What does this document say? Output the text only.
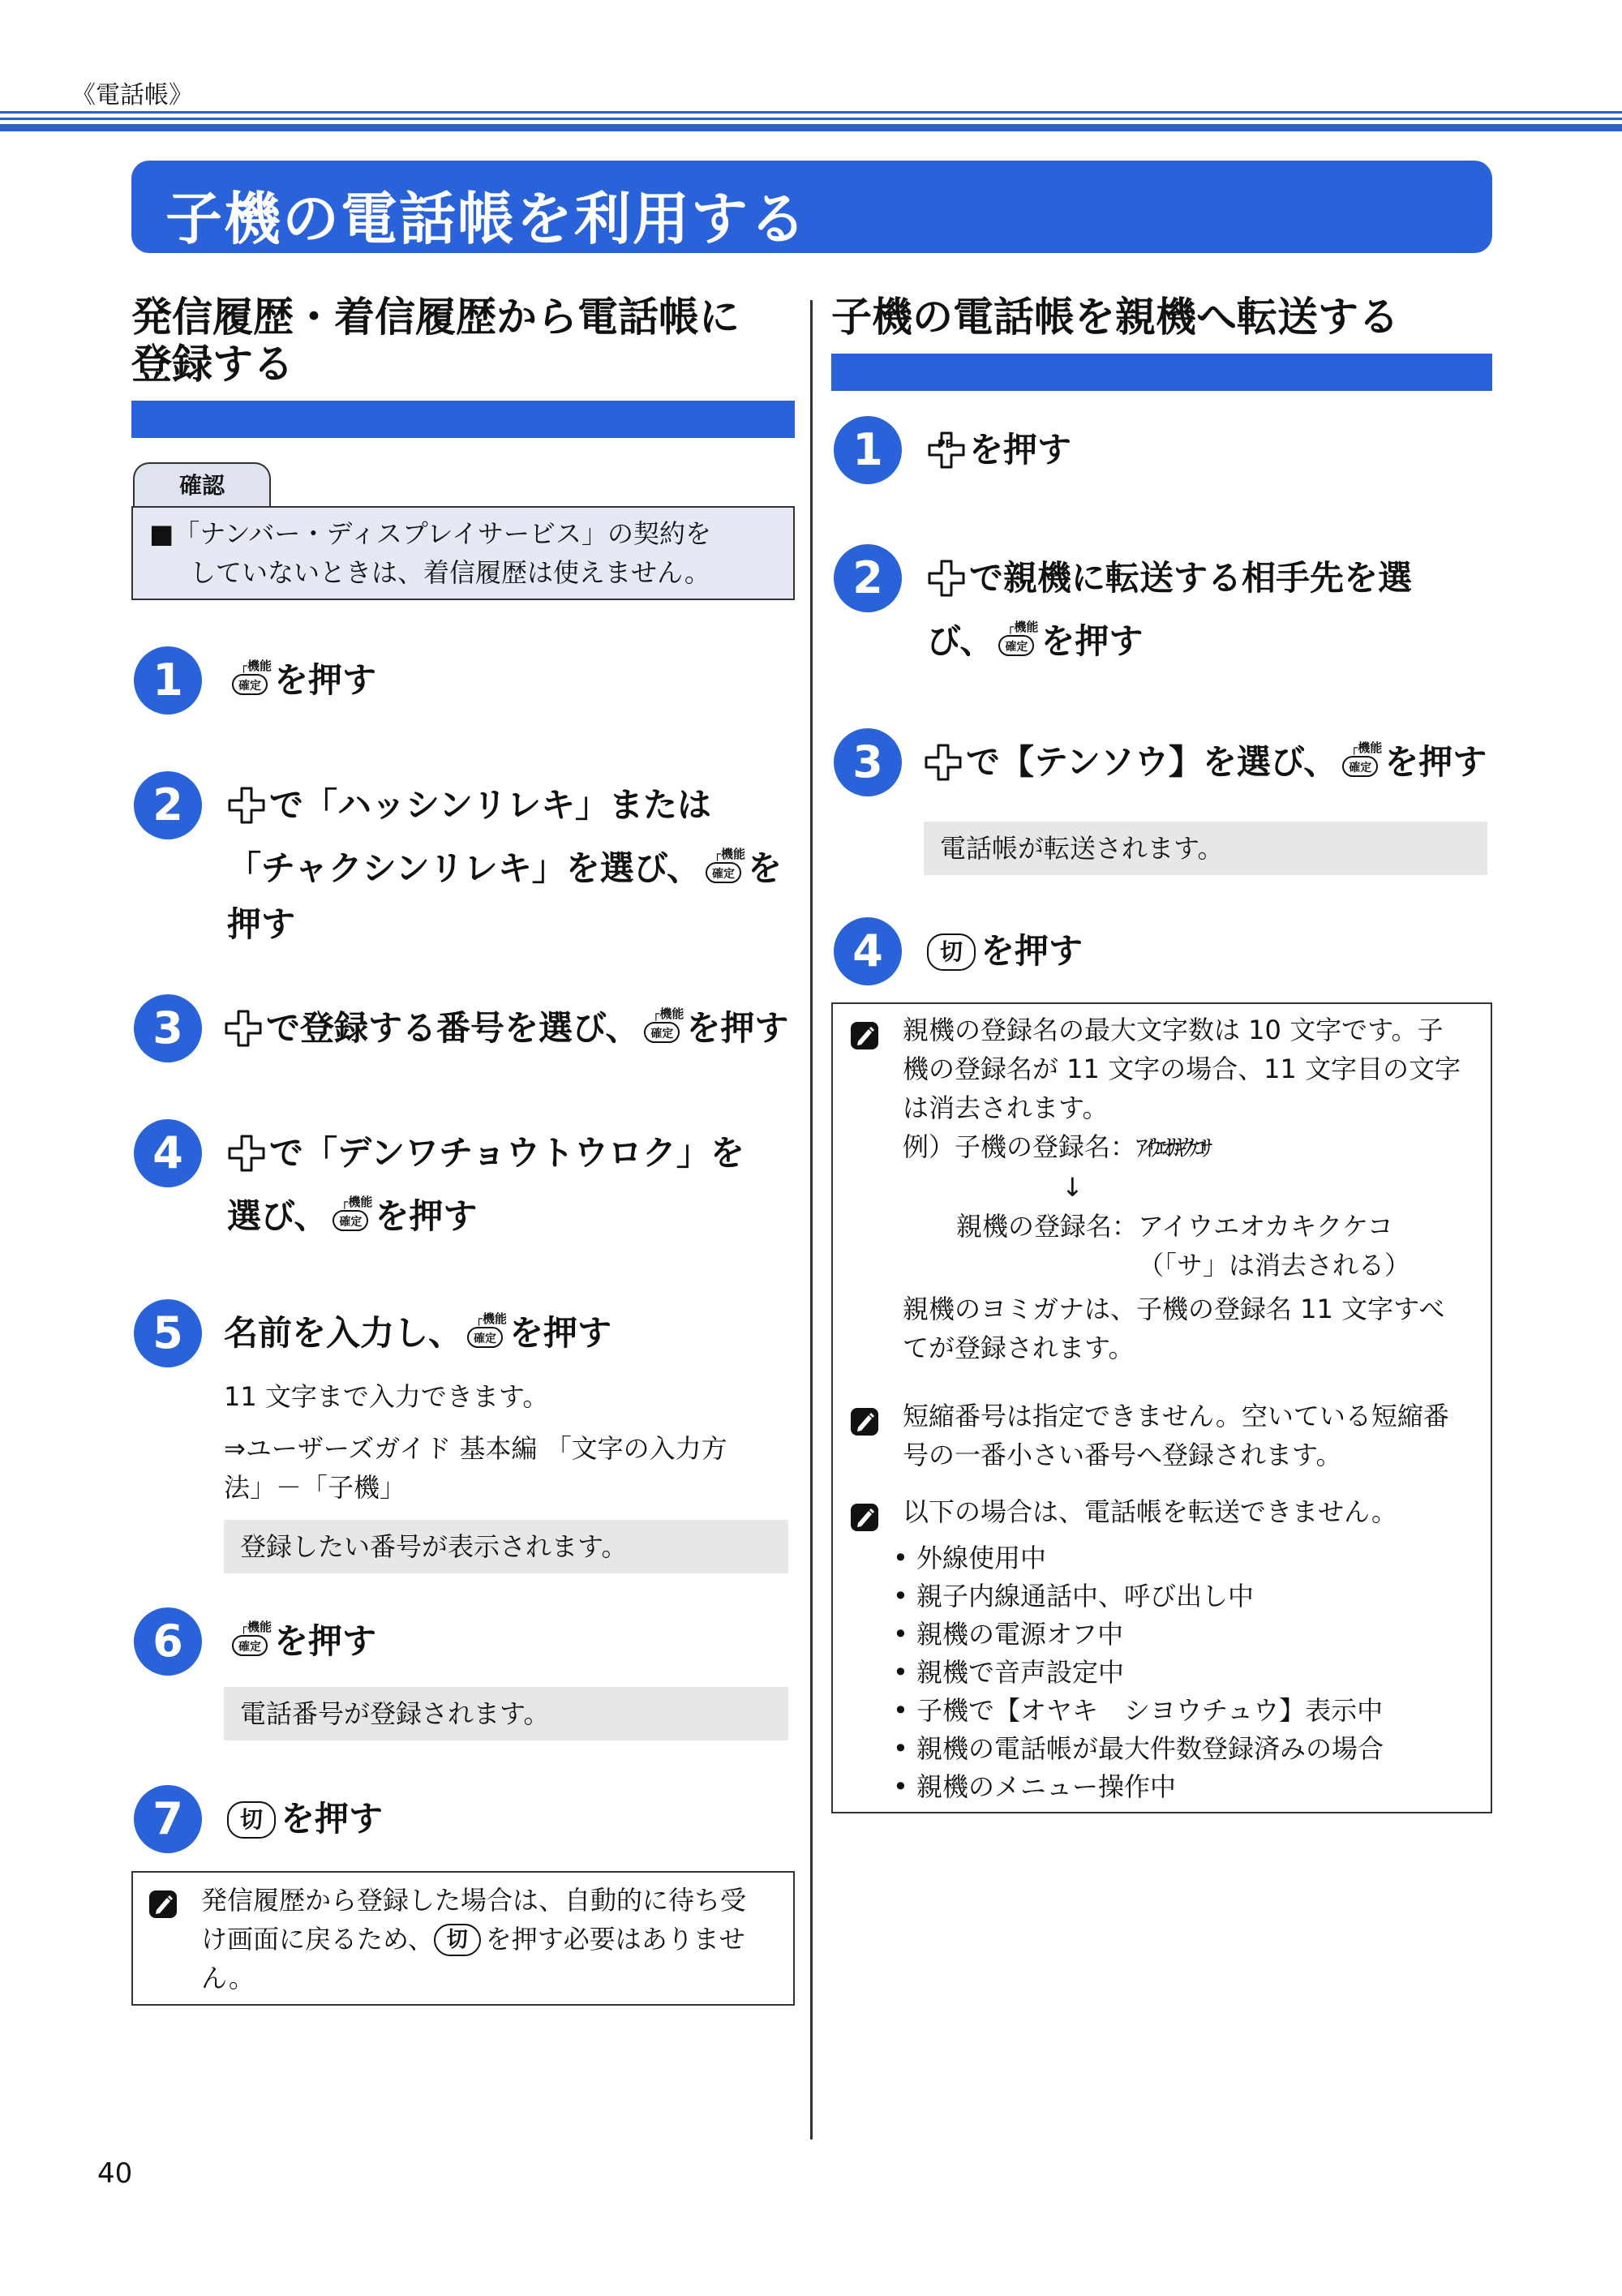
《電話帳》
子機の電話帳を利用する
発信履歴・着信履歴から電話帳に
登録する
確認
■「ナンバー・ディスプレイサービス」の契約を
していないときは、着信履歴は使えません。
1	┌機能
確定 を押す
2	で「ハッシンリレキ」または
「チャクシンリレキ」を選び、 ┌機能
確定 を
押す
3	で登録する番号を選び、 ┌機能
確定 を押す
4	で「デンワチョウトウロク」を
選び、 ┌機能
確定 を押す
5	名前を入力し、 ┌機能
確定 を押す
11 文字まで入力できます。
⇒ユーザーズガイド 基本編 「文字の入力方
法」－「子機」
登録したい番号が表示されます。
6	┌機能
確定 を押す
電話番号が登録されます。
7	切 を押す
発信履歴から登録した場合は、自動的に待ち受
け画面に戻るため、 切 を押す必要はありませ
ん。
子機の電話帳を親機へ転送する
1	PB を押す
2	で親機に転送する相手先を選
び、 ┌機能
確定 を押す
3	で【テンソウ】を選び、 ┌機能
確定 を押す
電話帳が転送されます。
4	切 を押す
親機の登録名の最大文字数は 10 文字です。子
機の登録名が 11 文字の場合、11 文字目の文字
は消去されます。
例）子機の登録名：ｱｲｳｴｵｶｷｸｹｺｻ
↓
親機の登録名：アイウエオカキクケコ
（「サ」は消去される）
親機のヨミガナは、子機の登録名 11 文字すべ
てが登録されます。
短縮番号は指定できません。空いている短縮番
号の一番小さい番号へ登録されます。
以下の場合は、電話帳を転送できません。
• 外線使用中
• 親子内線通話中、呼び出し中
• 親機の電源オフ中
• 親機で音声設定中
• 子機で【オヤキ　シヨウチュウ】表示中
• 親機の電話帳が最大件数登録済みの場合
• 親機のメニュー操作中
40
